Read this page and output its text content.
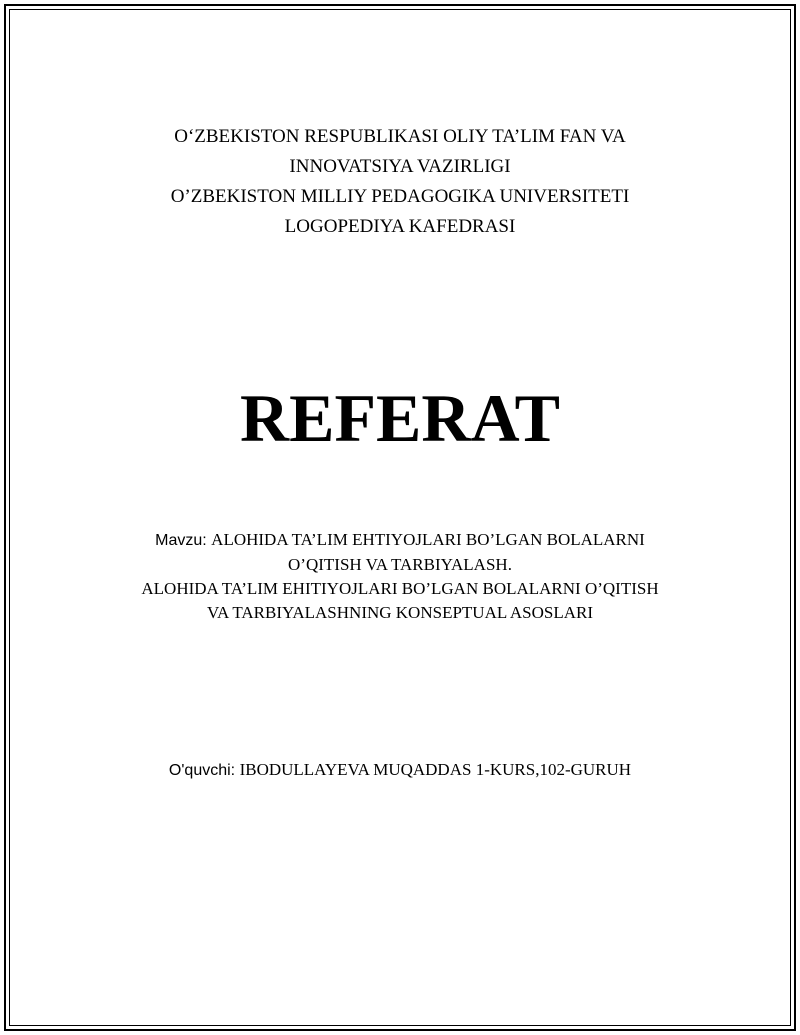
O‘ZBEKISTON RESPUBLIKASI OLIY TA’LIM FAN VA
INNOVATSIYA VAZIRLIGI
O’ZBEKISTON MILLIY PEDAGOGIKA UNIVERSITETI
LOGOPEDIYA KAFEDRASI
REFERAT
Mavzu: ALOHIDA TA’LIM EHTIYOJLARI BO’LGAN BOLALARNI
O’QITISH VA TARBIYALASH.
ALOHIDA TA’LIM EHITIYOJLARI BO’LGAN BOLALARNI O’QITISH
VA TARBIYALASHNING KONSEPTUAL ASOSLARI
O'quvchi: IBODULLAYEVA MUQADDAS 1-KURS,102-GURUH
